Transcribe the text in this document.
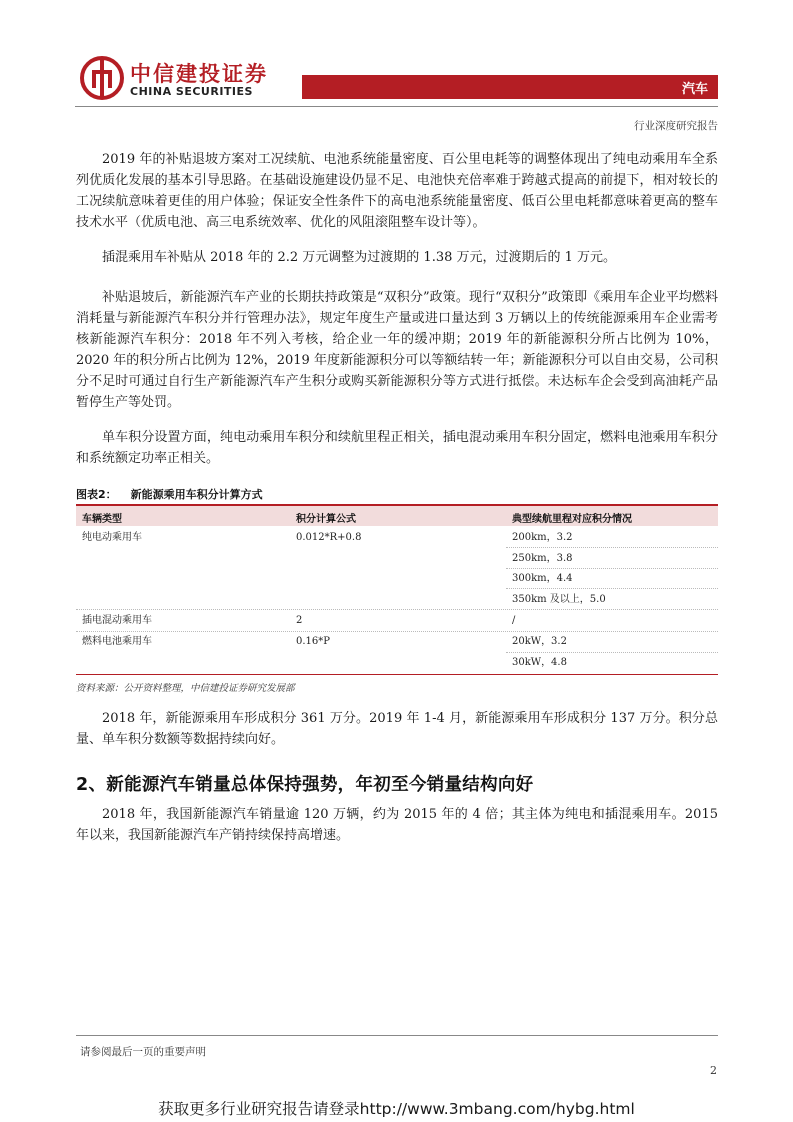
中信建投证券
CHINA SECURITIES	汽车
行业深度研究报告

2019 年的补贴退坡方案对工况续航、电池系统能量密度、百公里电耗等的调整体现出了纯电动乘用车全系列优质化发展的基本引导思路。在基础设施建设仍显不足、电池快充倍率难于跨越式提高的前提下，相对较长的工况续航意味着更佳的用户体验；保证安全性条件下的高电池系统能量密度、低百公里电耗都意味着更高的整车技术水平（优质电池、高三电系统效率、优化的风阻滚阻整车设计等）。

插混乘用车补贴从 2018 年的 2.2 万元调整为过渡期的 1.38 万元，过渡期后的 1 万元。

补贴退坡后，新能源汽车产业的长期扶持政策是“双积分”政策。现行“双积分”政策即《乘用车企业平均燃料消耗量与新能源汽车积分并行管理办法》，规定年度生产量或进口量达到 3 万辆以上的传统能源乘用车企业需考核新能源汽车积分：2018 年不列入考核，给企业一年的缓冲期；2019 年的新能源积分所占比例为 10%，2020 年的积分所占比例为 12%，2019 年度新能源积分可以等额结转一年；新能源积分可以自由交易，公司积分不足时可通过自行生产新能源汽车产生积分或购买新能源积分等方式进行抵偿。未达标车企会受到高油耗产品暂停生产等处罚。

单车积分设置方面，纯电动乘用车积分和续航里程正相关，插电混动乘用车积分固定，燃料电池乘用车积分和系统额定功率正相关。

图表2： 新能源乘用车积分计算方式
车辆类型	积分计算公式	典型续航里程对应积分情况
纯电动乘用车	0.012*R+0.8	200km，3.2
250km，3.8
300km，4.4
350km 及以上，5.0
插电混动乘用车	2	/
燃料电池乘用车	0.16*P	20kW，3.2
30kW，4.8
资料来源：公开资料整理，中信建投证券研究发展部

2018 年，新能源乘用车形成积分 361 万分。2019 年 1-4 月，新能源乘用车形成积分 137 万分。积分总量、单车积分数额等数据持续向好。

2、新能源汽车销量总体保持强势，年初至今销量结构向好

2018 年，我国新能源汽车销量逾 120 万辆，约为 2015 年的 4 倍；其主体为纯电和插混乘用车。2015 年以来，我国新能源汽车产销持续保持高增速。

请参阅最后一页的重要声明
2
获取更多行业研究报告请登录http://www.3mbang.com/hybg.html
